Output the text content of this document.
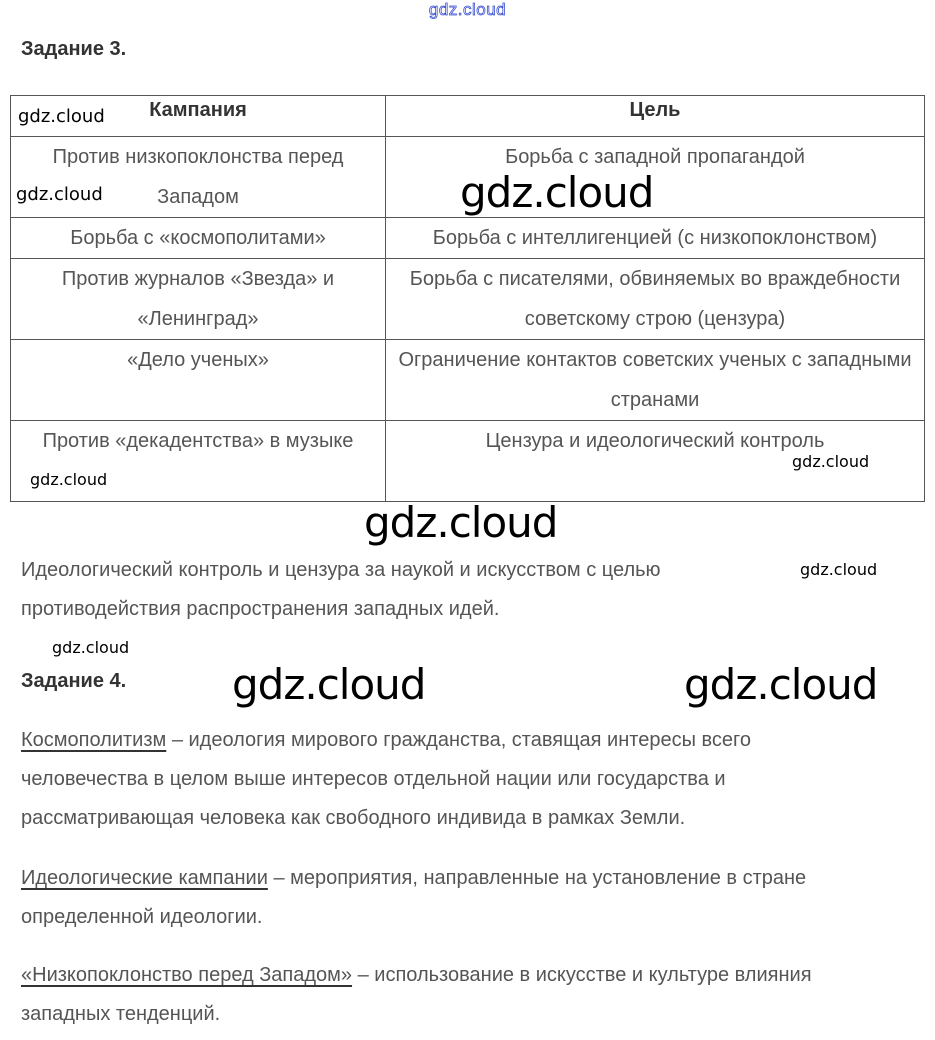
gdz.cloud
Задание 3.
Кампания	Цель
Против низкопоклонства перед Западом	Борьба с западной пропагандой
Борьба с «космополитами»	Борьба с интеллигенцией (с низкопоклонством)
Против журналов «Звезда» и «Ленинград»	Борьба с писателями, обвиняемых во враждебности советскому строю (цензура)
«Дело ученых»	Ограничение контактов советских ученых с западными странами
Против «декадентства» в музыке	Цензура и идеологический контроль
Идеологический контроль и цензура за наукой и искусством с целью противодействия распространения западных идей.
Задание 4.
Космополитизм – идеология мирового гражданства, ставящая интересы всего человечества в целом выше интересов отдельной нации или государства и рассматривающая человека как свободного индивида в рамках Земли.
Идеологические кампании – мероприятия, направленные на установление в стране определенной идеологии.
«Низкопоклонство перед Западом» – использование в искусстве и культуре влияния западных тенденций.
gdz.cloud
gdz.cloud
gdz.cloud
gdz.cloud
gdz.cloud
gdz.cloud
gdz.cloud
gdz.cloud
gdz.cloud	gdz.cloud
